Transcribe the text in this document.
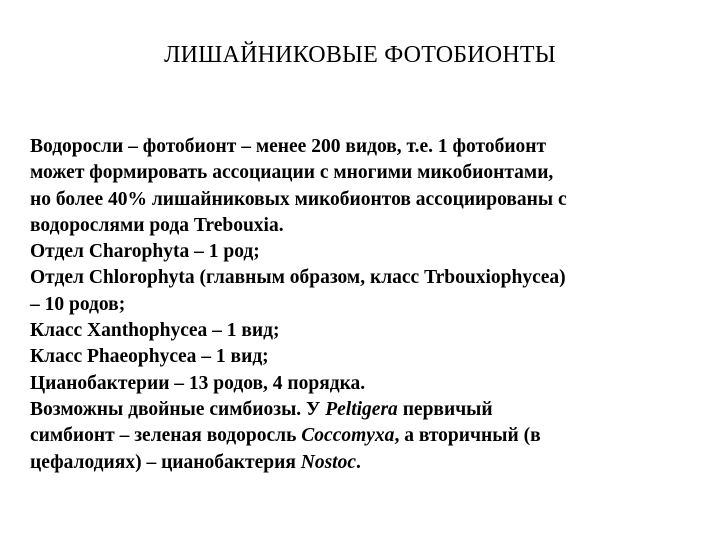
ЛИШАЙНИКОВЫЕ ФОТОБИОНТЫ
Водоросли – фотобионт – менее 200 видов, т.е. 1 фотобионт
может формировать ассоциации с многими микобионтами,
но более 40% лишайниковых микобионтов ассоциированы с
водорослями рода Trebouxia.
Отдел Charophyta – 1 род;
Отдел Chlorophyta (главным образом, класс Trbouxiophycea)
– 10 родов;
Класс Xanthophycea – 1 вид;
Класс Phaeophycea – 1 вид;
Цианобактерии – 13 родов, 4 порядка.
Возможны двойные симбиозы. У Peltigera первичый
симбионт – зеленая водоросль Coccomyxa, а вторичный (в
цефалодиях) – цианобактерия Nostoc.
